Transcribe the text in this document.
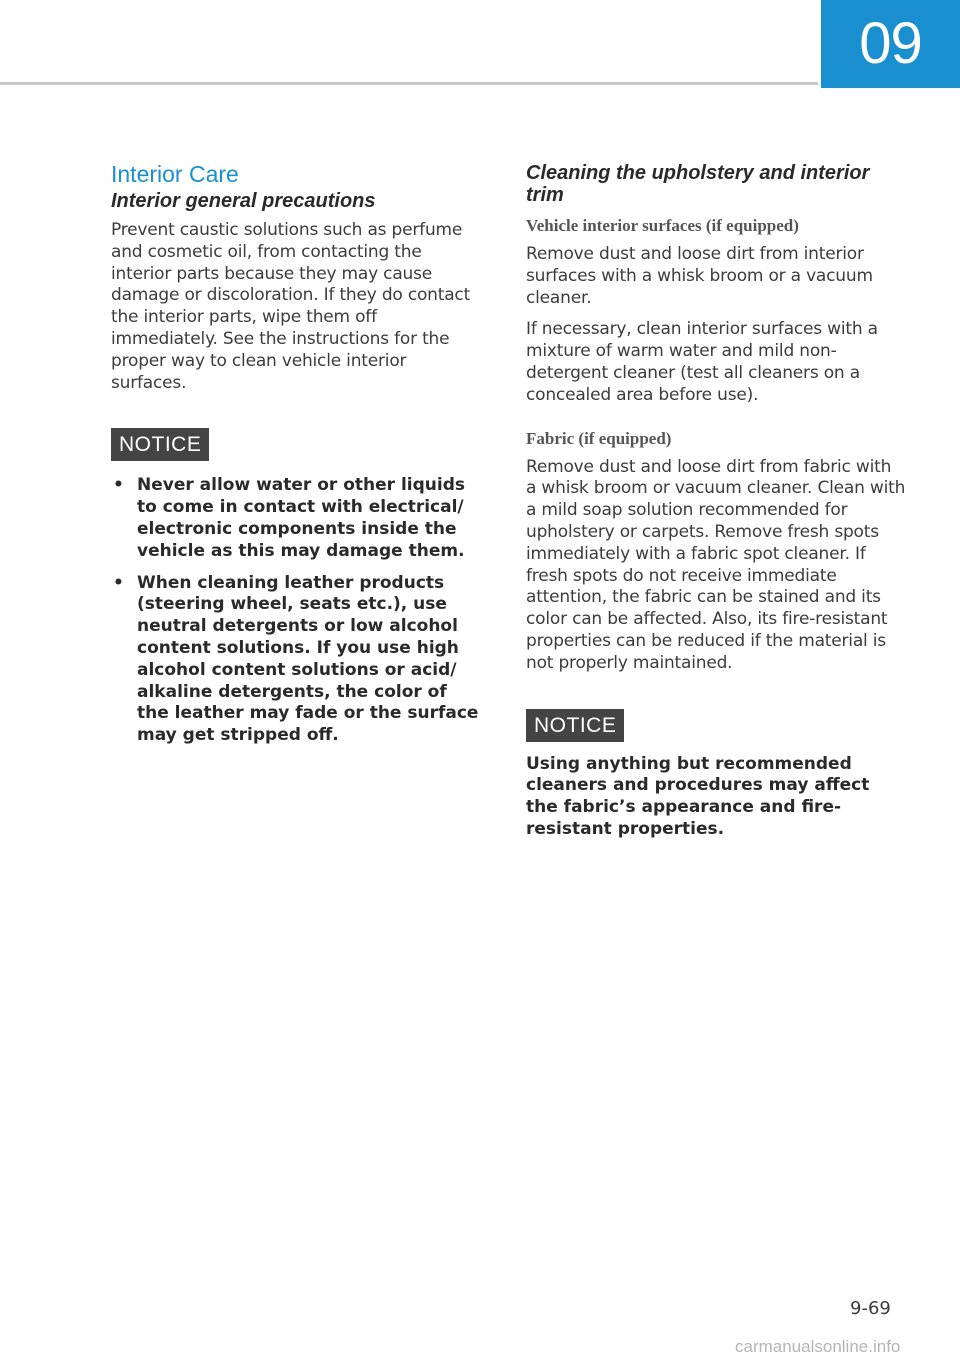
09
Interior Care
Interior general precautions

Prevent caustic solutions such as perfume and cosmetic oil, from contacting the interior parts because they may cause damage or discoloration. If they do contact the interior parts, wipe them off immediately. See the instructions for the proper way to clean vehicle interior surfaces.

NOTICE
• Never allow water or other liquids to come in contact with electrical/ electronic components inside the vehicle as this may damage them.
• When cleaning leather products (steering wheel, seats etc.), use neutral detergents or low alcohol content solutions. If you use high alcohol content solutions or acid/ alkaline detergents, the color of the leather may fade or the surface may get stripped off.
Cleaning the upholstery and interior trim
Vehicle interior surfaces (if equipped)

Remove dust and loose dirt from interior surfaces with a whisk broom or a vacuum cleaner.

If necessary, clean interior surfaces with a mixture of warm water and mild non-detergent cleaner (test all cleaners on a concealed area before use).

Fabric (if equipped)

Remove dust and loose dirt from fabric with a whisk broom or vacuum cleaner. Clean with a mild soap solution recommended for upholstery or carpets. Remove fresh spots immediately with a fabric spot cleaner. If fresh spots do not receive immediate attention, the fabric can be stained and its color can be affected. Also, its fire-resistant properties can be reduced if the material is not properly maintained.

NOTICE

Using anything but recommended cleaners and procedures may affect the fabric’s appearance and fire-resistant properties.

9-69
carmanualsonline.info
